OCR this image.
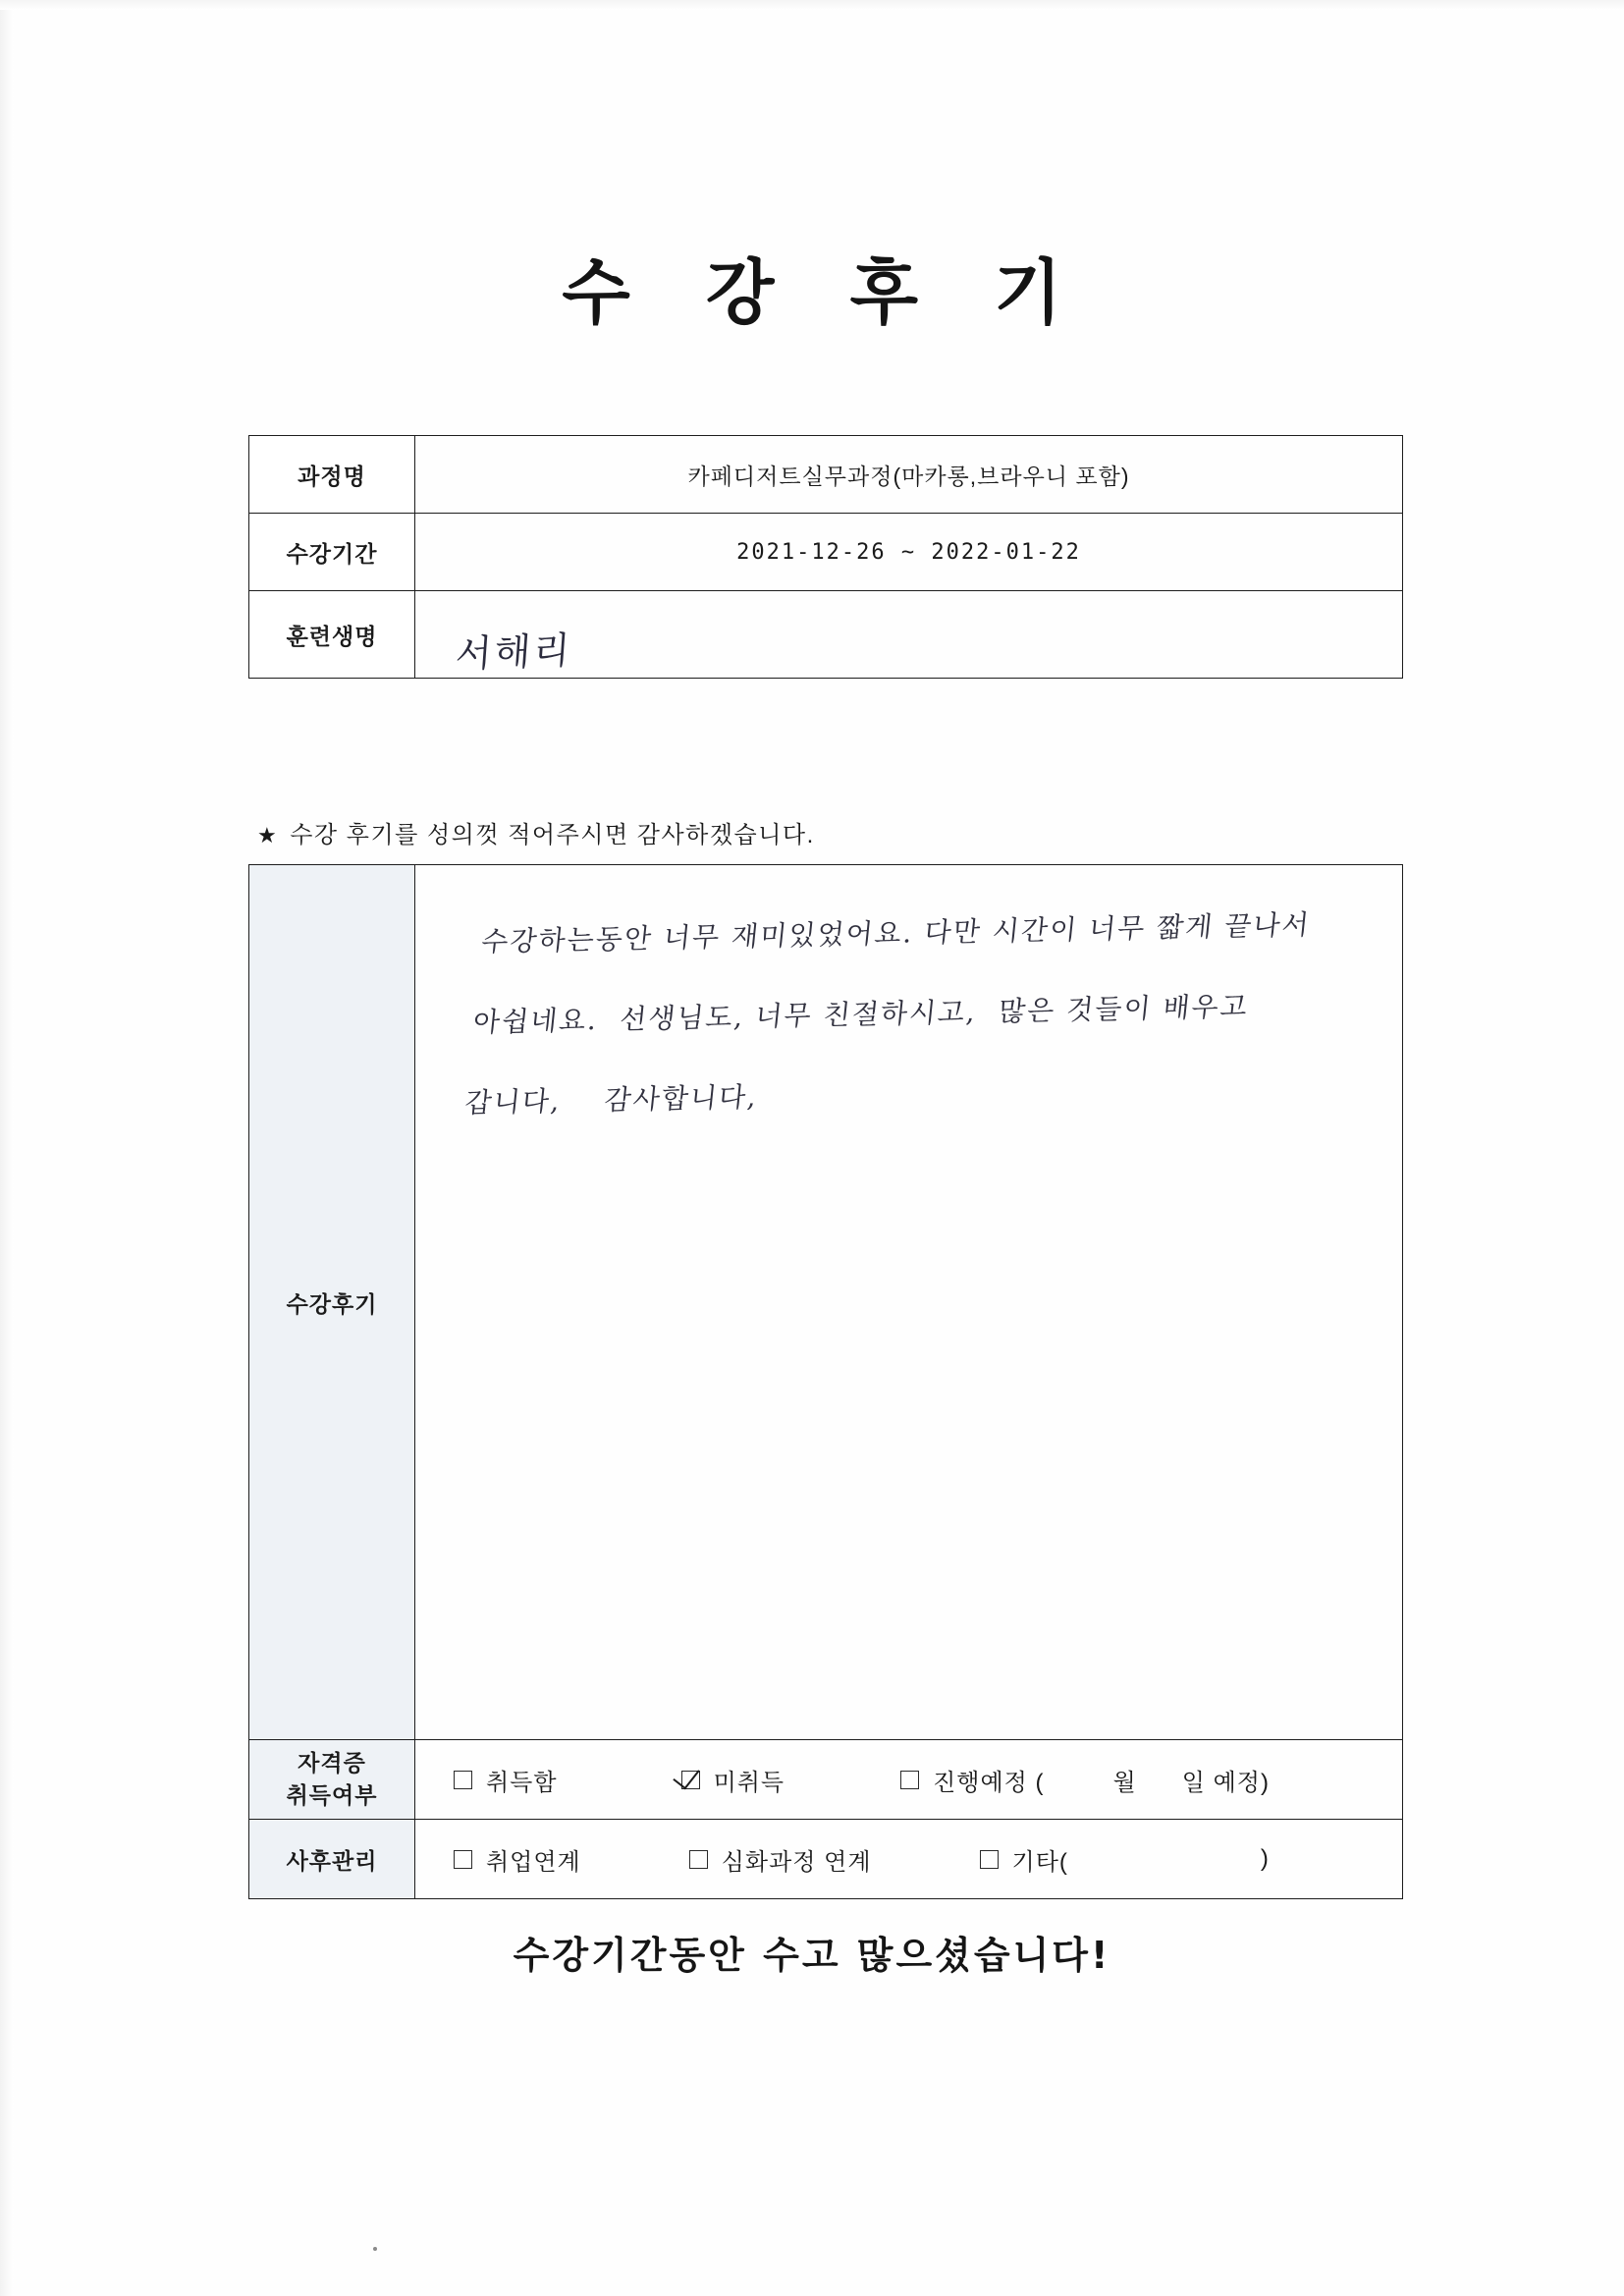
수 강 후 기
과정명	카페디저트실무과정(마카롱,브라우니 포함)
수강기간	2021-12-26 ~ 2022-01-22
훈련생명	서해리
★ 수강 후기를 성의껏 적어주시면 감사하겠습니다.
수강후기	수강하는동안 너무 재미있었어요. 다만 시간이 너무 짧게 끝나서
아쉽네요.  선생님도, 너무 친절하시고,  많은 것들이 배우고
갑니다,    감사합니다,

자격증
취득여부	취득함	미취득	진행예정 (	월 일 예정)

사후관리	취업연계 심화과정 연계 기타( )
수강기간동안 수고 많으셨습니다!
